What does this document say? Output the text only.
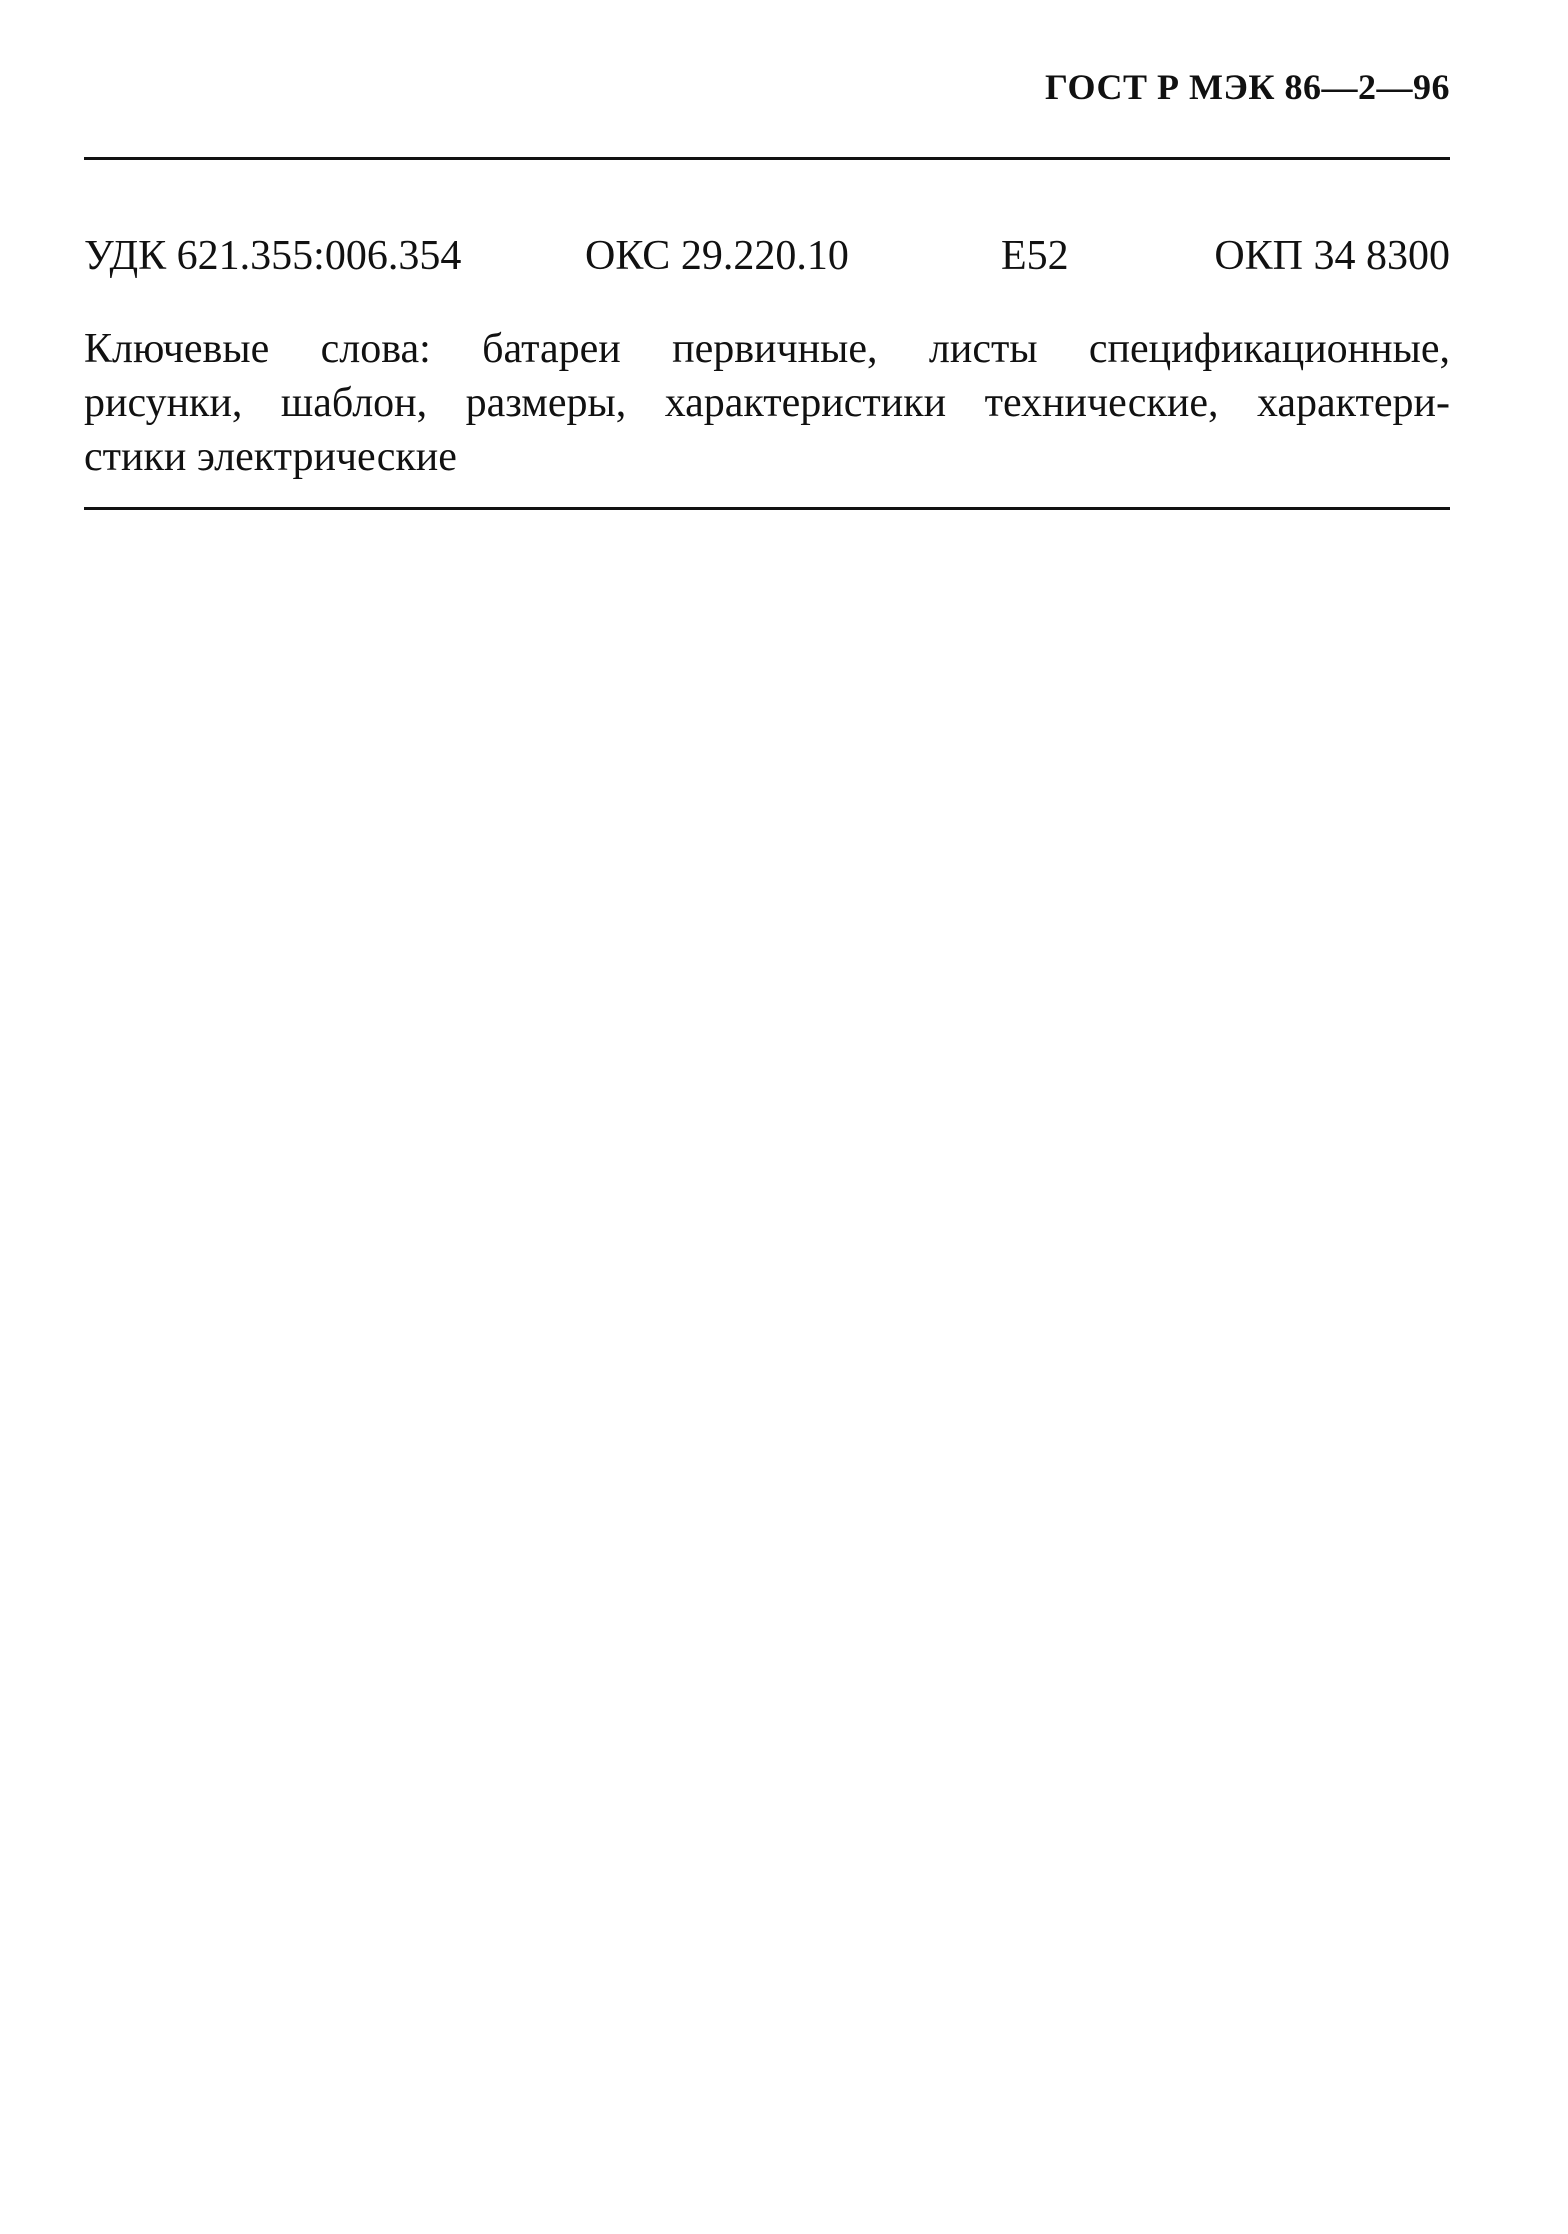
ГОСТ Р МЭК 86—2—96
УДК 621.355:006.354	ОКС 29.220.10	Е52	ОКП 34 8300
Ключевые слова: батареи первичные, листы спецификационные,
рисунки, шаблон, размеры, характеристики технические, характери-
стики электрические
